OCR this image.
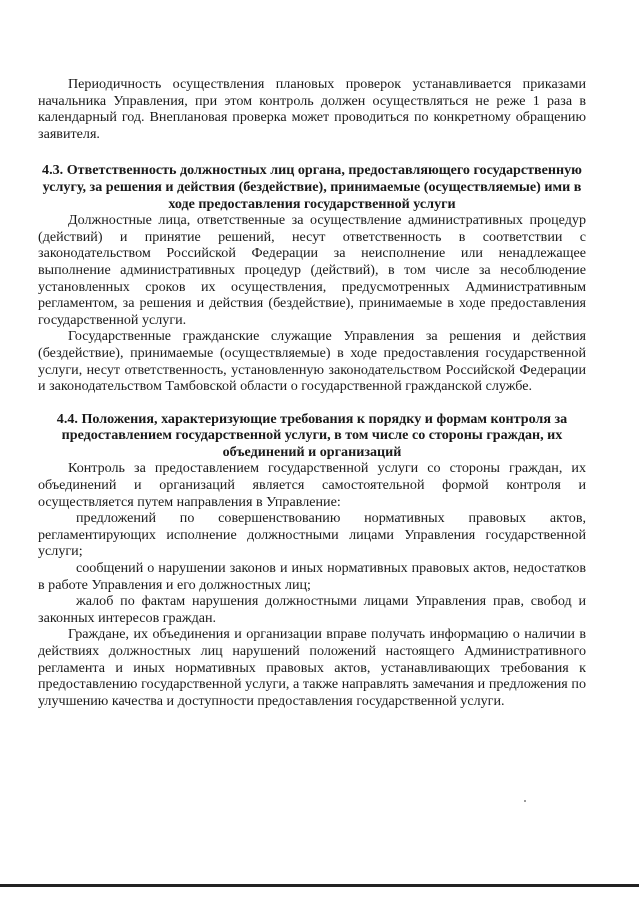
Периодичность осуществления плановых проверок устанавливается приказами начальника Управления, при этом контроль должен осуществляться не реже 1 раза в календарный год. Внеплановая проверка может проводиться по конкретному обращению заявителя.

4.3. Ответственность должностных лиц органа, предоставляющего государственную услугу, за решения и действия (бездействие), принимаемые (осуществляемые) ими в ходе предоставления государственной услуги

Должностные лица, ответственные за осуществление административных процедур (действий) и принятие решений, несут ответственность в соответствии с законодательством Российской Федерации за неисполнение или ненадлежащее выполнение административных процедур (действий), в том числе за несоблюдение установленных сроков их осуществления, предусмотренных Административным регламентом, за решения и действия (бездействие), принимаемые в ходе предоставления государственной услуги.

Государственные гражданские служащие Управления за решения и действия (бездействие), принимаемые (осуществляемые) в ходе предоставления государственной услуги, несут ответственность, установленную законодательством Российской Федерации и законодательством Тамбовской области о государственной гражданской службе.

4.4. Положения, характеризующие требования к порядку и формам контроля за предоставлением государственной услуги, в том числе со стороны граждан, их объединений и организаций

Контроль за предоставлением государственной услуги со стороны граждан, их объединений и организаций является самостоятельной формой контроля и осуществляется путем направления в Управление:

предложений по совершенствованию нормативных правовых актов, регламентирующих исполнение должностными лицами Управления государственной услуги;

сообщений о нарушении законов и иных нормативных правовых актов, недостатков в работе Управления и его должностных лиц;

жалоб по фактам нарушения должностными лицами Управления прав, свобод и законных интересов граждан.

Граждане, их объединения и организации вправе получать информацию о наличии в действиях должностных лиц нарушений положений настоящего Административного регламента и иных нормативных правовых актов, устанавливающих требования к предоставлению государственной услуги, а также направлять замечания и предложения по улучшению качества и доступности предоставления государственной услуги.
